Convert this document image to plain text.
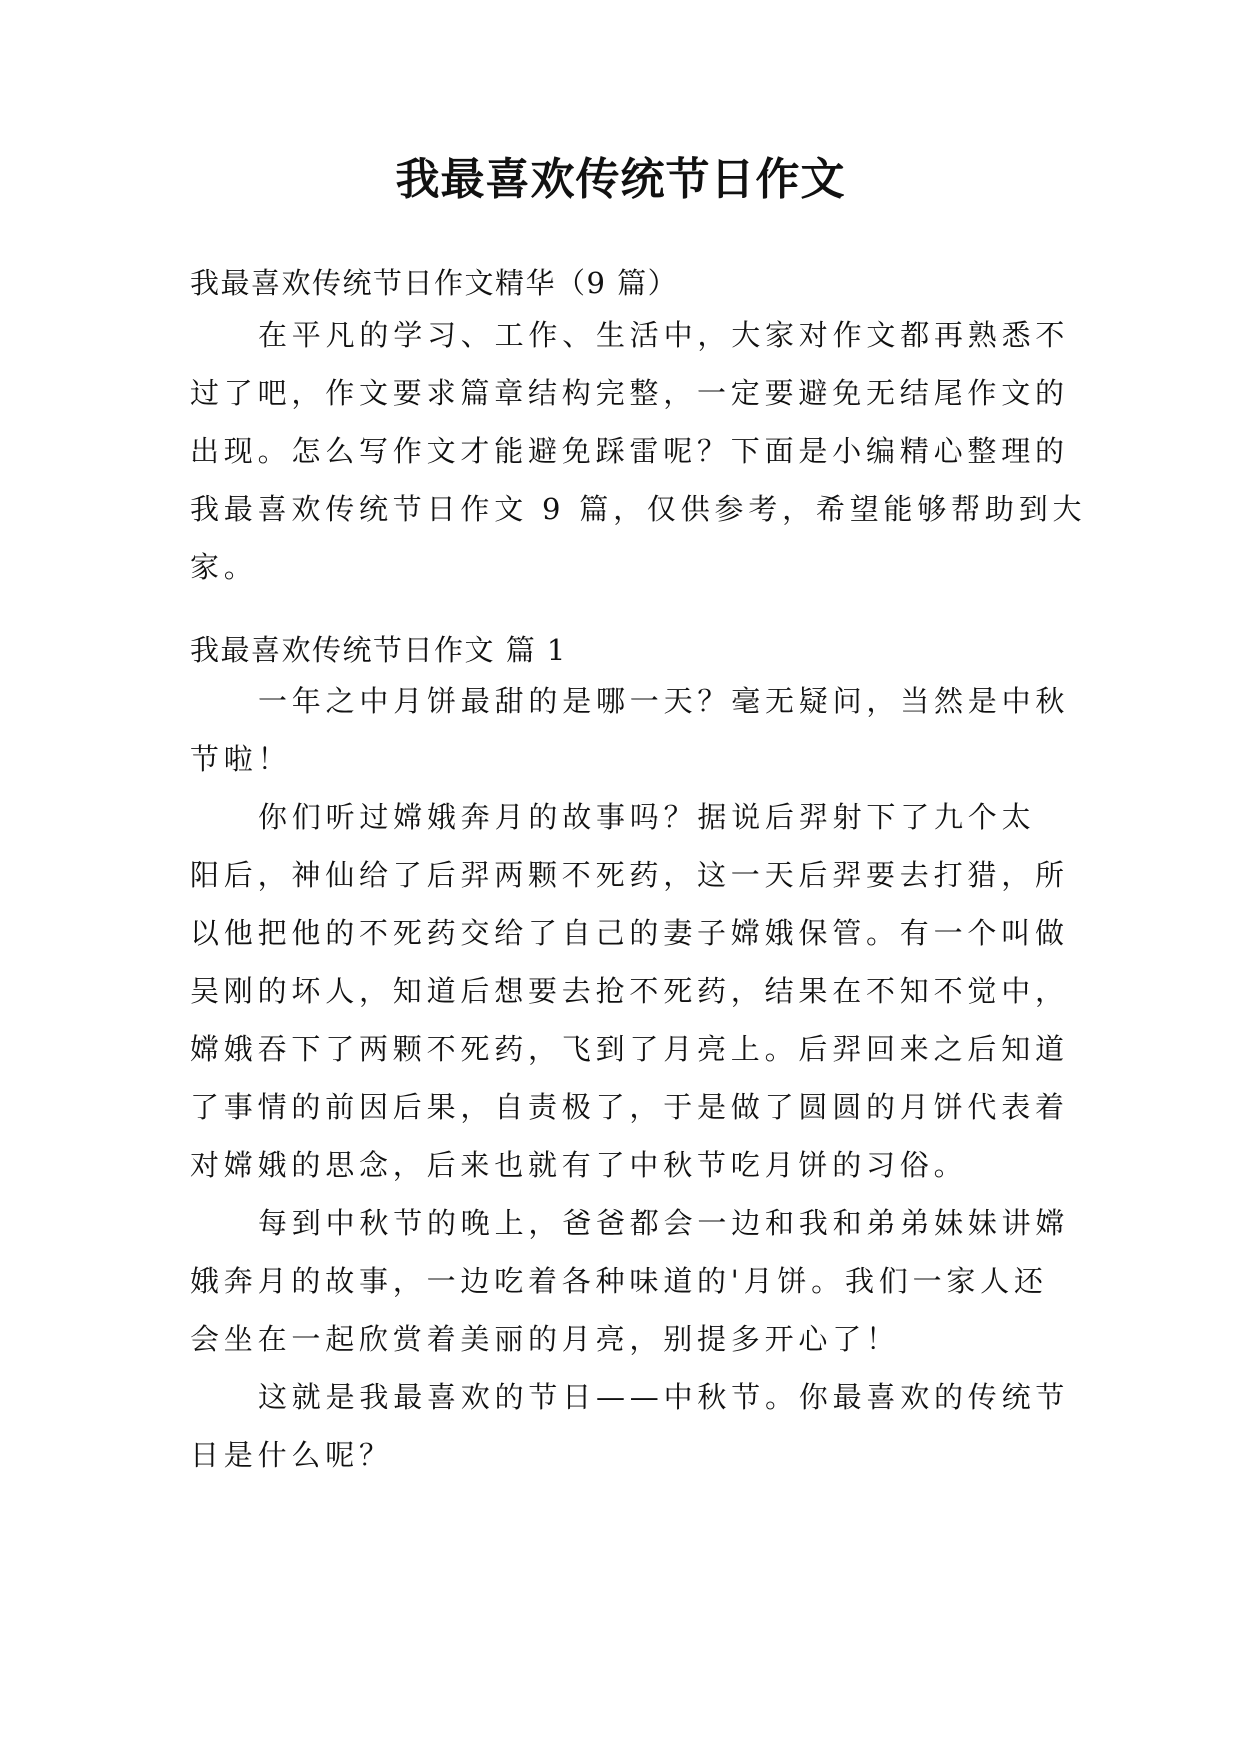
我最喜欢传统节日作文

我最喜欢传统节日作文精华（9 篇）

在平凡的学习、工作、生活中，大家对作文都再熟悉不
过了吧，作文要求篇章结构完整，一定要避免无结尾作文的
出现。怎么写作文才能避免踩雷呢？下面是小编精心整理的
我最喜欢传统节日作文 9 篇，仅供参考，希望能够帮助到大
家。

我最喜欢传统节日作文 篇 1

一年之中月饼最甜的是哪一天？毫无疑问，当然是中秋
节啦！
你们听过嫦娥奔月的故事吗？据说后羿射下了九个太
阳后，神仙给了后羿两颗不死药，这一天后羿要去打猎，所
以他把他的不死药交给了自己的妻子嫦娥保管。有一个叫做
吴刚的坏人，知道后想要去抢不死药，结果在不知不觉中，
嫦娥吞下了两颗不死药，飞到了月亮上。后羿回来之后知道
了事情的前因后果，自责极了，于是做了圆圆的月饼代表着
对嫦娥的思念，后来也就有了中秋节吃月饼的习俗。
每到中秋节的晚上，爸爸都会一边和我和弟弟妹妹讲嫦
娥奔月的故事，一边吃着各种味道的'月饼。我们一家人还
会坐在一起欣赏着美丽的月亮，别提多开心了！
这就是我最喜欢的节日——中秋节。你最喜欢的传统节
日是什么呢？
